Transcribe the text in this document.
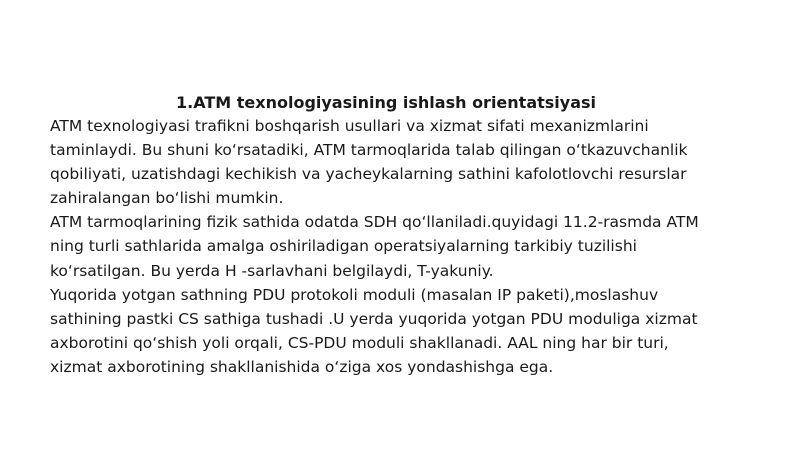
1.ATM texnologiyasining ishlash orientatsiyasi
ATM texnologiyasi trafikni boshqarish usullari va xizmat sifati mexanizmlarini
taminlaydi. Bu shuni ko‘rsatadiki, ATM tarmoqlarida talab qilingan o‘tkazuvchanlik
qobiliyati, uzatishdagi kechikish va yacheykalarning sathini kafolotlovchi resurslar
zahiralangan bo‘lishi mumkin.
ATM tarmoqlarining fizik sathida odatda SDH qo‘llaniladi.quyidagi 11.2-rasmda ATM
ning turli sathlarida amalga oshiriladigan operatsiyalarning tarkibiy tuzilishi
ko‘rsatilgan. Bu yerda H -sarlavhani belgilaydi, T-yakuniy.
Yuqorida yotgan sathning PDU protokoli moduli (masalan IP paketi),moslashuv
sathining pastki CS sathiga tushadi .U yerda yuqorida yotgan PDU moduliga xizmat
axborotini qo‘shish yoli orqali, CS-PDU moduli shakllanadi. AAL ning har bir turi,
xizmat axborotining shakllanishida o‘ziga xos yondashishga ega.
